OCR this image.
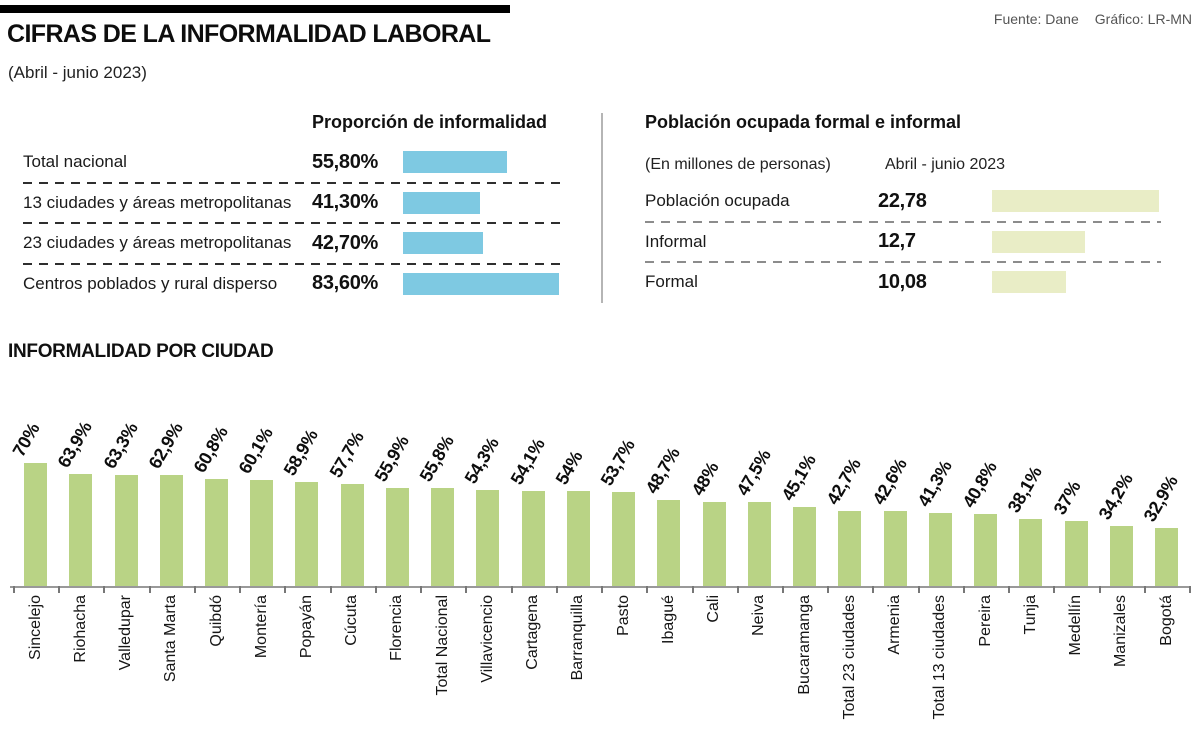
CIFRAS DE LA INFORMALIDAD LABORAL
(Abril - junio 2023)
Fuente: Dane Gráfico: LR-MN
Proporción de informalidad
Total nacional	55,80%
13 ciudades y áreas metropolitanas	41,30%
23 ciudades y áreas metropolitanas	42,70%
Centros poblados y rural disperso	83,60%
Población ocupada formal e informal
(En millones de personas)	Abril - junio 2023
Población ocupada	22,78
Informal	12,7
Formal	10,08
INFORMALIDAD POR CIUDAD
70%
Sincelejo
63,9%
Riohacha
63,3%
Valledupar
62,9%
Santa Marta
60,8%
Quibdó
60,1%
Montería
58,9%
Popayán
57,7%
Cúcuta
55,9%
Florencia
55,8%
Total Nacional
54,3%
Villavicencio
54,1%
Cartagena
54%
Barranquilla
53,7%
Pasto
48,7%
Ibagué
48%
Cali
47,5%
Neiva
45,1%
Bucaramanga
42,7%
Total 23 ciudades
42,6%
Armenia
41,3%
Total 13 ciudades
40,8%
Pereira
38,1%
Tunja
37%
Medellín
34,2%
Manizales
32,9%
Bogotá
